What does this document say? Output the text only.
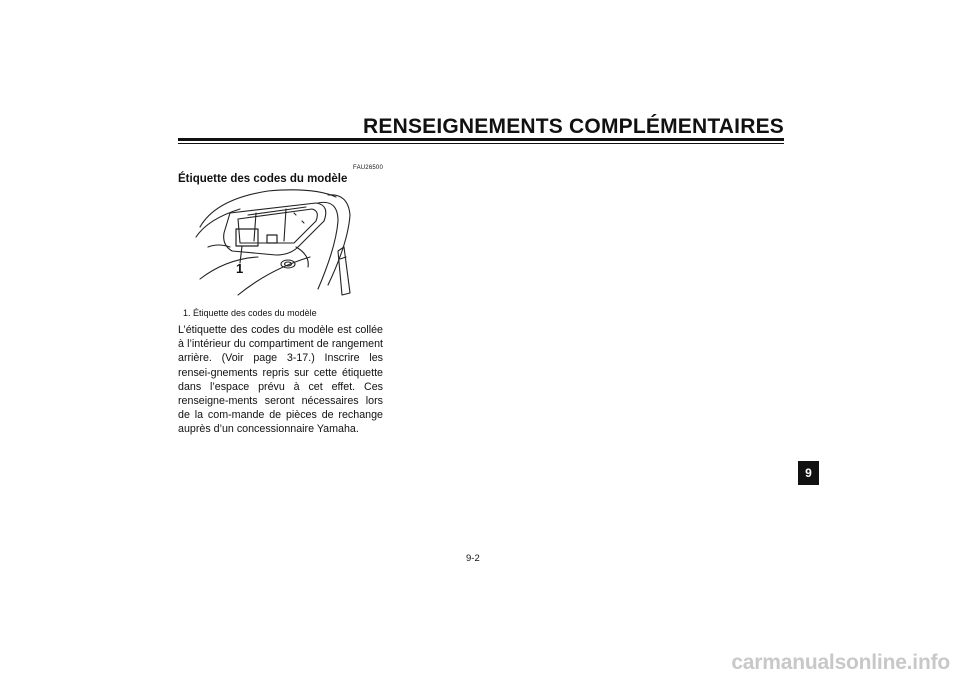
RENSEIGNEMENTS COMPLÉMENTAIRES
FAU26500
Étiquette des codes du modèle
1
1. Étiquette des codes du modèle

L’étiquette des codes du modèle est collée à l’intérieur du compartiment de rangement arrière. (Voir page 3-17.) Inscrire les rensei-gnements repris sur cette étiquette dans l’espace prévu à cet effet. Ces renseigne-ments seront nécessaires lors de la com-mande de pièces de rechange auprès d’un concessionnaire Yamaha.

9
9-2
carmanualsonline.info
